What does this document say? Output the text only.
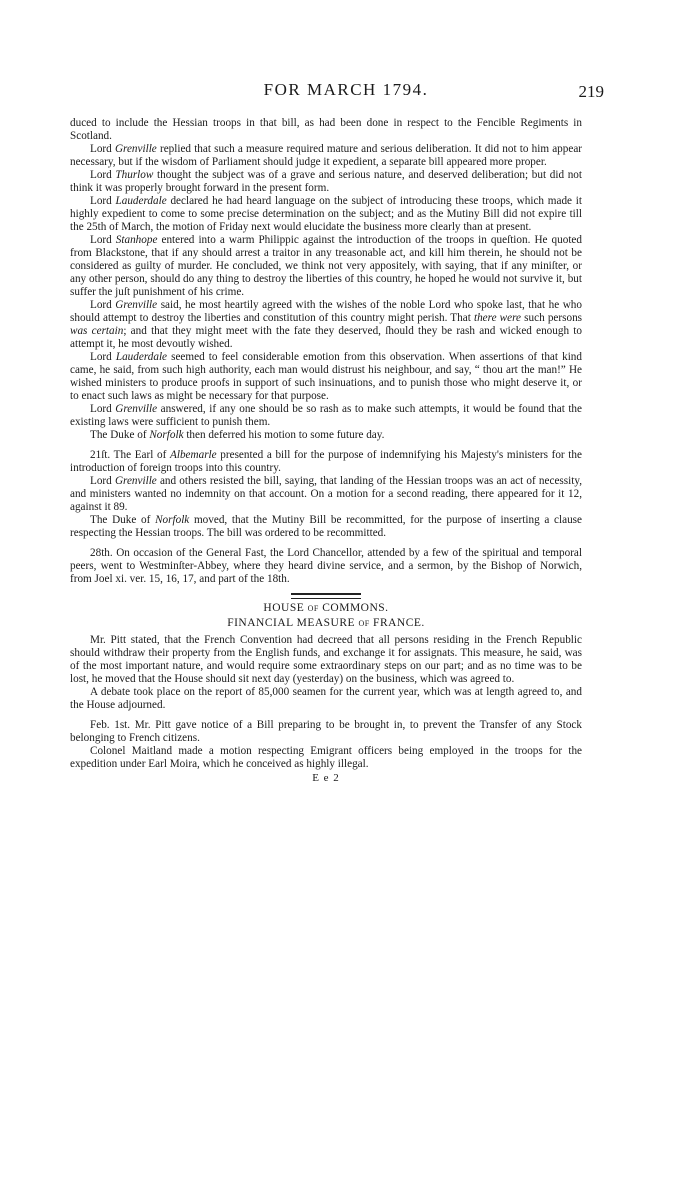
FOR MARCH 1794.	219

duced to include the Hessian troops in that bill, as had been done in respect to the Fencible Regiments in Scotland.

Lord Grenville replied that such a measure required mature and serious deliberation. It did not to him appear necessary, but if the wisdom of Parliament should judge it expedient, a separate bill appeared more proper.

Lord Thurlow thought the subject was of a grave and serious nature, and deserved deliberation; but did not think it was properly brought forward in the present form.

Lord Lauderdale declared he had heard language on the subject of introducing these troops, which made it highly expedient to come to some precise determination on the subject; and as the Mutiny Bill did not expire till the 25th of March, the motion of Friday next would elucidate the business more clearly than at present.

Lord Stanhope entered into a warm Philippic against the introduction of the troops in queſtion. He quoted from Blackstone, that if any should arrest a traitor in any treasonable act, and kill him therein, he should not be considered as guilty of murder. He concluded, we think not very appositely, with saying, that if any miniſter, or any other person, should do any thing to destroy the liberties of this country, he hoped he would not survive it, but suffer the juſt punishment of his crime.

Lord Grenville said, he most heartily agreed with the wishes of the noble Lord who spoke last, that he who should attempt to destroy the liberties and constitution of this country might perish. That there were such persons was certain; and that they might meet with the fate they deserved, ſhould they be rash and wicked enough to attempt it, he most devoutly wished.

Lord Lauderdale seemed to feel considerable emotion from this observation. When assertions of that kind came, he said, from such high authority, each man would distrust his neighbour, and say, “ thou art the man!” He wished ministers to produce proofs in support of such insinuations, and to punish those who might deserve it, or to enact such laws as might be necessary for that purpose.

Lord Grenville answered, if any one should be so rash as to make such attempts, it would be found that the existing laws were sufficient to punish them.

The Duke of Norfolk then deferred his motion to some future day.

21ſt. The Earl of Albemarle presented a bill for the purpose of indemnifying his Majesty's ministers for the introduction of foreign troops into this country.

Lord Grenville and others resisted the bill, saying, that landing of the Hessian troops was an act of necessity, and ministers wanted no indemnity on that account. On a motion for a second reading, there appeared for it 12, against it 89.

The Duke of Norfolk moved, that the Mutiny Bill be recommitted, for the purpose of inserting a clause respecting the Hessian troops. The bill was ordered to be recommitted.

28th. On occasion of the General Fast, the Lord Chancellor, attended by a few of the spiritual and temporal peers, went to Westminſter-Abbey, where they heard divine service, and a sermon, by the Bishop of Norwich, from Joel xi. ver. 15, 16, 17, and part of the 18th.

HOUSE OF COMMONS.

FINANCIAL MEASURE OF FRANCE.

Mr. Pitt stated, that the French Convention had decreed that all persons residing in the French Republic should withdraw their property from the English funds, and exchange it for assignats. This measure, he said, was of the most important nature, and would require some extraordinary steps on our part; and as no time was to be lost, he moved that the House should sit next day (yesterday) on the business, which was agreed to.

A debate took place on the report of 85,000 seamen for the current year, which was at length agreed to, and the House adjourned.

Feb. 1st. Mr. Pitt gave notice of a Bill preparing to be brought in, to prevent the Transfer of any Stock belonging to French citizens.

Colonel Maitland made a motion respecting Emigrant officers being employed in the troops for the expedition under Earl Moira, which he conceived as highly illegal.

E e 2
